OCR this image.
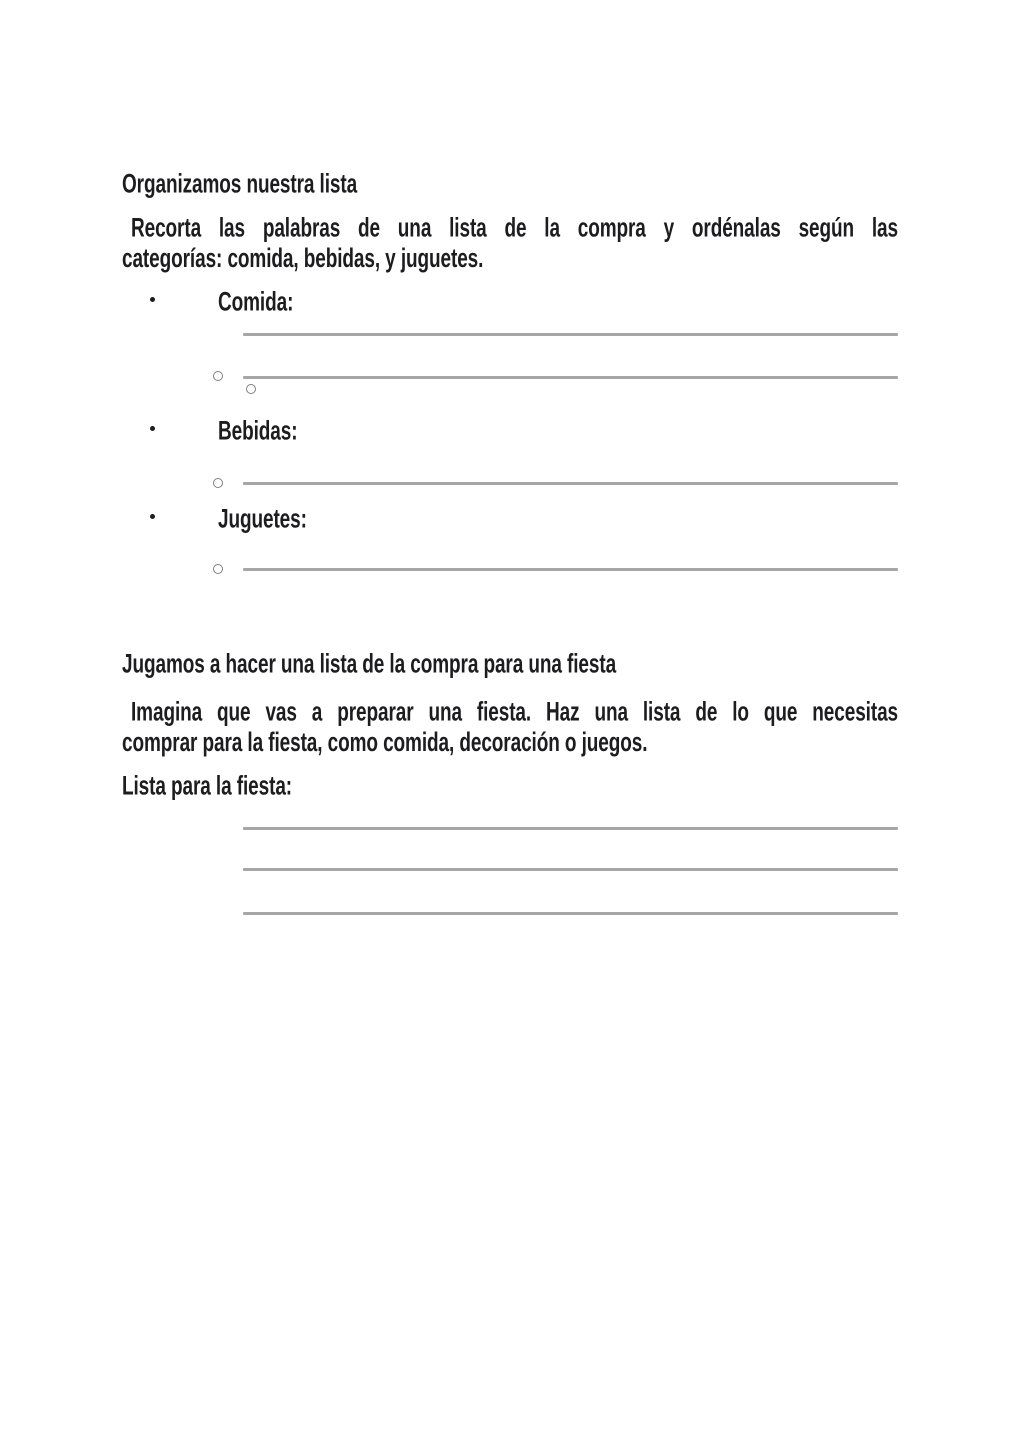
Organizamos nuestra lista
Recorta las palabras de una lista de la compra y ordénalas según las
categorías: comida, bebidas, y juguetes.
Comida:
Bebidas:
Juguetes:
Jugamos a hacer una lista de la compra para una fiesta
Imagina que vas a preparar una fiesta. Haz una lista de lo que necesitas
comprar para la fiesta, como comida, decoración o juegos.
Lista para la fiesta:
